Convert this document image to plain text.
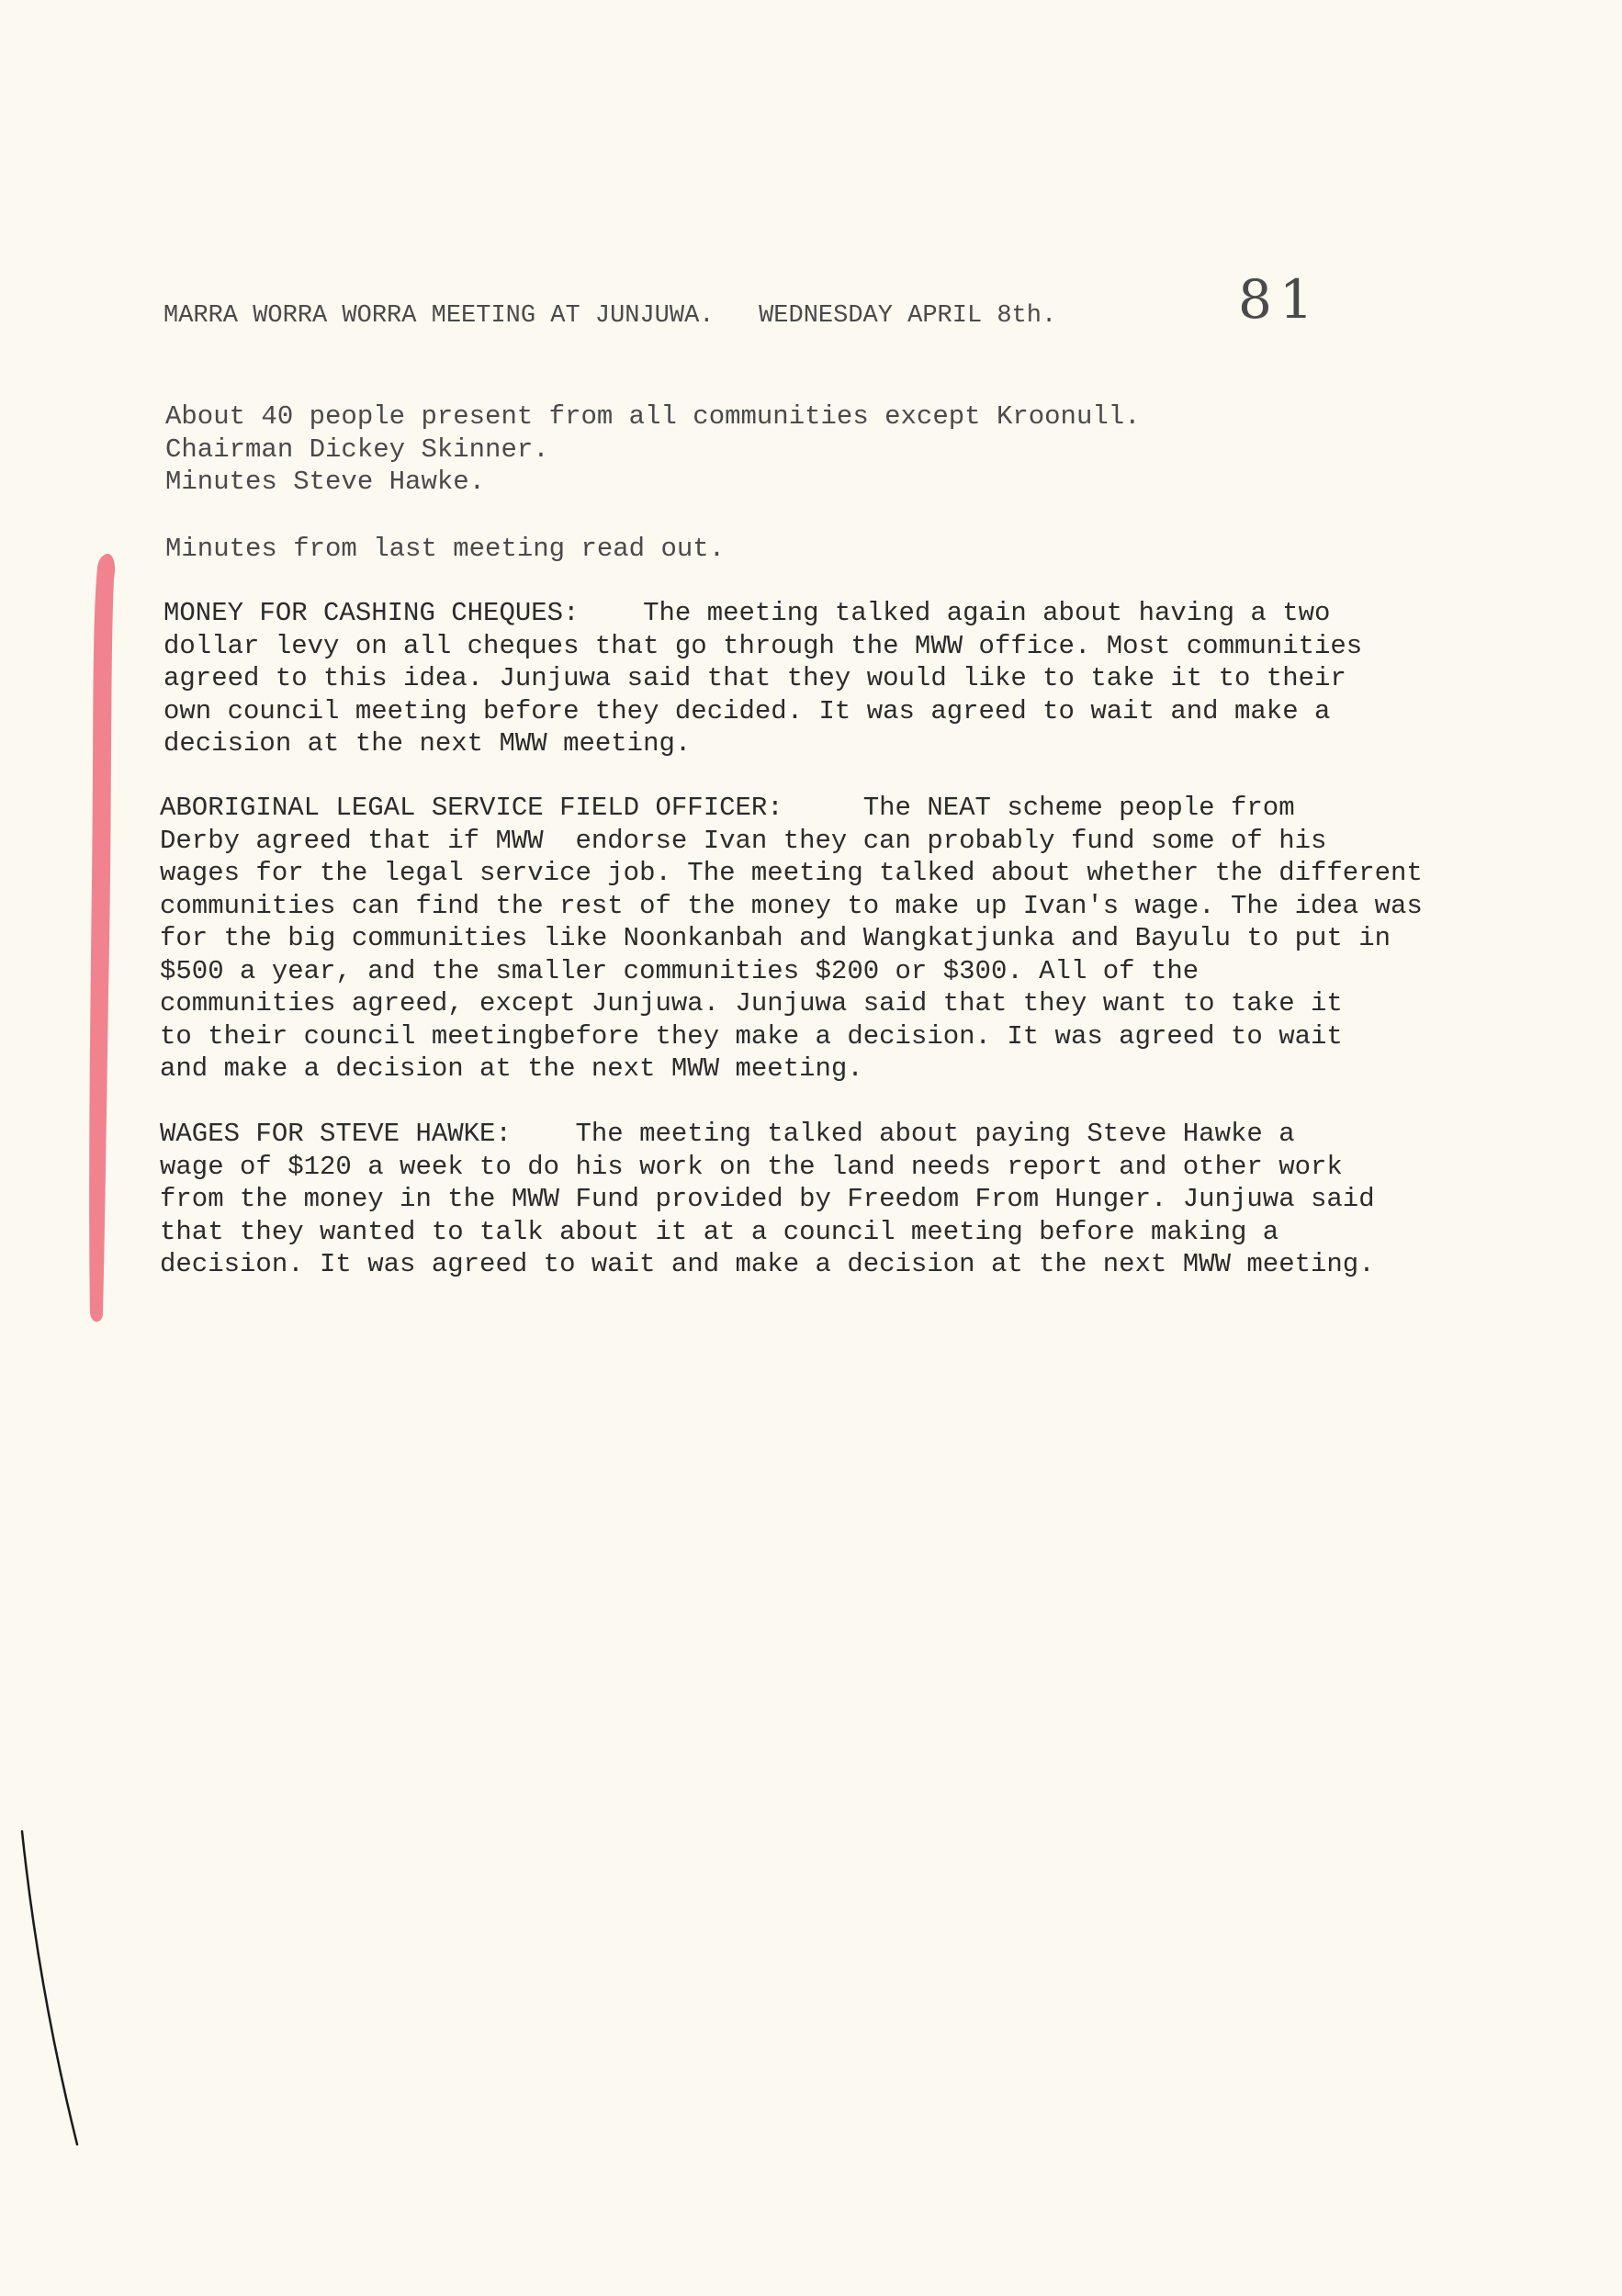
MARRA WORRA WORRA MEETING AT JUNJUWA.   WEDNESDAY APRIL 8th.	81
About 40 people present from all communities except Kroonull.
Chairman Dickey Skinner.
Minutes Steve Hawke.
Minutes from last meeting read out.
MONEY FOR CASHING CHEQUES:    The meeting talked again about having a two
dollar levy on all cheques that go through the MWW office. Most communities
agreed to this idea. Junjuwa said that they would like to take it to their
own council meeting before they decided. It was agreed to wait and make a
decision at the next MWW meeting.
ABORIGINAL LEGAL SERVICE FIELD OFFICER:     The NEAT scheme people from
Derby agreed that if MWW  endorse Ivan they can probably fund some of his
wages for the legal service job. The meeting talked about whether the different
communities can find the rest of the money to make up Ivan's wage. The idea was
for the big communities like Noonkanbah and Wangkatjunka and Bayulu to put in
$500 a year, and the smaller communities $200 or $300. All of the
communities agreed, except Junjuwa. Junjuwa said that they want to take it
to their council meetingbefore they make a decision. It was agreed to wait
and make a decision at the next MWW meeting.
WAGES FOR STEVE HAWKE:    The meeting talked about paying Steve Hawke a
wage of $120 a week to do his work on the land needs report and other work
from the money in the MWW Fund provided by Freedom From Hunger. Junjuwa said
that they wanted to talk about it at a council meeting before making a
decision. It was agreed to wait and make a decision at the next MWW meeting.
